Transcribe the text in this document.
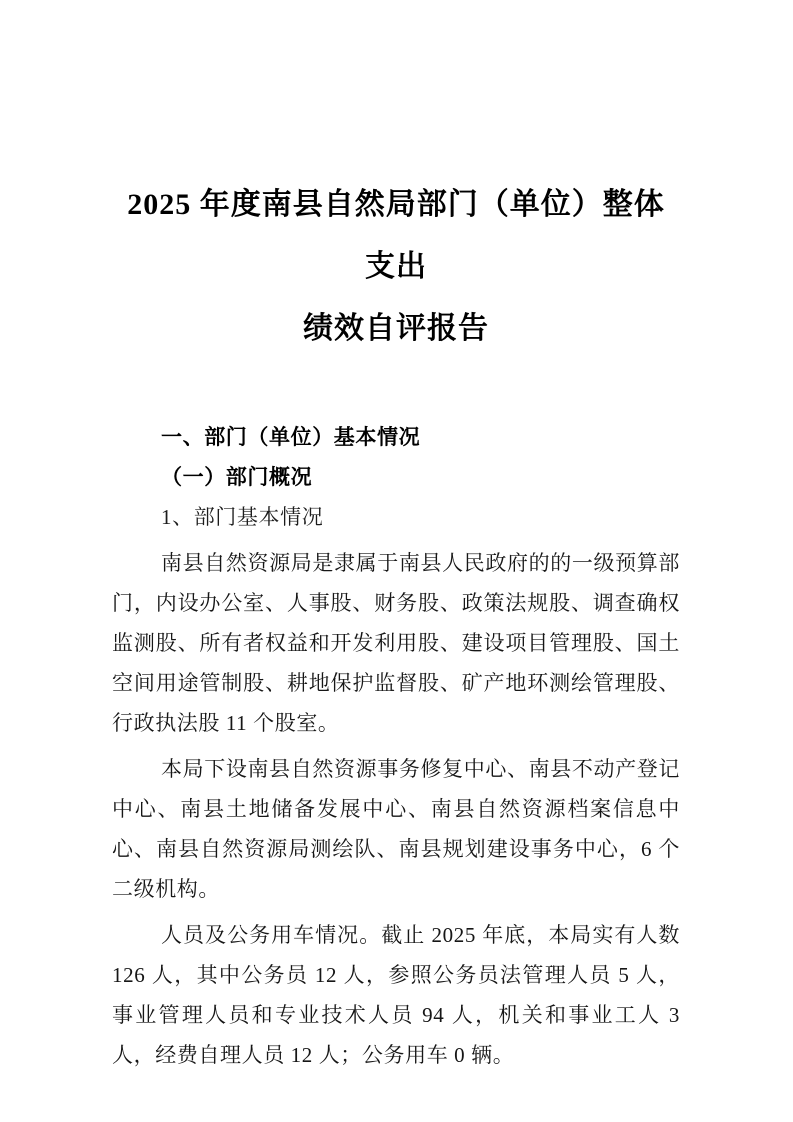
2025 年度南县自然局部门（单位）整体支出
绩效自评报告

一、部门（单位）基本情况

（一）部门概况

1、部门基本情况

南县自然资源局是隶属于南县人民政府的的一级预算部门，内设办公室、人事股、财务股、政策法规股、调查确权监测股、所有者权益和开发利用股、建设项目管理股、国土空间用途管制股、耕地保护监督股、矿产地环测绘管理股、行政执法股 11 个股室。

本局下设南县自然资源事务修复中心、南县不动产登记中心、南县土地储备发展中心、南县自然资源档案信息中心、南县自然资源局测绘队、南县规划建设事务中心，6 个二级机构。

人员及公务用车情况。截止 2025 年底，本局实有人数 126 人，其中公务员 12 人，参照公务员法管理人员 5 人，事业管理人员和专业技术人员 94 人，机关和事业工人 3 人，经费自理人员 12 人；公务用车 0 辆。
